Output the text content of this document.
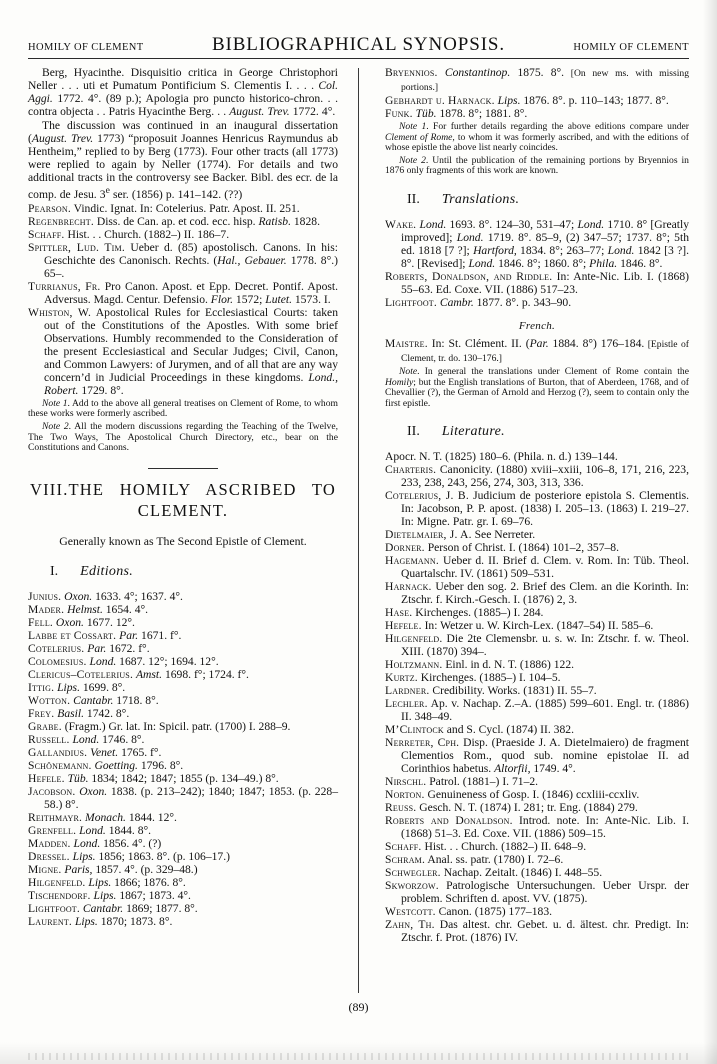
HOMILY OF CLEMENT	BIBLIOGRAPHICAL SYNOPSIS.	HOMILY OF CLEMENT

Berg, Hyacinthe. Disquisitio critica in George Christophori Neller . . . uti et Pumatum Pontificium S. Clementis I. . . . Col. Aggi. 1772. 4°. (89 p.); Apologia pro puncto historico-chron. . . contra objecta . . Patris Hyacinthe Berg. . . August. Trev. 1772. 4°.

The discussion was continued in an inaugural dissertation (August. Trev. 1773) “proposuit Joannes Henricus Raymundus ab Hentheim,” replied to by Berg (1773). Four other tracts (all 1773) were replied to again by Neller (1774). For details and two additional tracts in the controversy see Backer. Bibl. des ecr. de la comp. de Jesu. 3e ser. (1856) p. 141–142. (??)

Pearson. Vindic. Ignat. In: Cotelerius. Patr. Apost. II. 251.

Regenbrecht. Diss. de Can. ap. et cod. ecc. hisp. Ratisb. 1828.

Schaff. Hist. . . Church. (1882–) II. 186–7.

Spittler, Lud. Tim. Ueber d. (85) apostolisch. Canons. In his: Geschichte des Canonisch. Rechts. (Hal., Gebauer. 1778. 8°.) 65–.

Turrianus, Fr. Pro Canon. Apost. et Epp. Decret. Pontif. Apost. Adversus. Magd. Centur. Defensio. Flor. 1572; Lutet. 1573. I.

Whiston, W. Apostolical Rules for Ecclesiastical Courts: taken out of the Constitutions of the Apostles. With some brief Observations. Humbly recommended to the Consideration of the present Ecclesiastical and Secular Judges; Civil, Canon, and Common Lawyers: of Jurymen, and of all that are any way concern’d in Judicial Proceedings in these kingdoms. Lond., Robert. 1729. 8°.

Note 1. Add to the above all general treatises on Clement of Rome, to whom these works were formerly ascribed.

Note 2. All the modern discussions regarding the Teaching of the Twelve, The Two Ways, The Apostolical Church Directory, etc., bear on the Constitutions and Canons.

VIII. THE HOMILY ASCRIBED TO
CLEMENT.

Generally known as The Second Epistle of Clement.

I. Editions.

Junius. Oxon. 1633. 4°; 1637. 4°.

Mader. Helmst. 1654. 4°.

Fell. Oxon. 1677. 12°.

Labbe et Cossart. Par. 1671. f°.

Cotelerius. Par. 1672. f°.

Colomesius. Lond. 1687. 12°; 1694. 12°.

Clericus–Cotelerius. Amst. 1698. f°; 1724. f°.

Ittig. Lips. 1699. 8°.

Wotton. Cantabr. 1718. 8°.

Frey. Basil. 1742. 8°.

Grabe. (Fragm.) Gr. lat. In: Spicil. patr. (1700) I. 288–9.

Russell. Lond. 1746. 8°.

Gallandius. Venet. 1765. f°.

Schönemann. Goetting. 1796. 8°.

Hefele. Tüb. 1834; 1842; 1847; 1855 (p. 134–49.) 8°.

Jacobson. Oxon. 1838. (p. 213–242); 1840; 1847; 1853. (p. 228–58.) 8°.

Reithmayr. Monach. 1844. 12°.

Grenfell. Lond. 1844. 8°.

Madden. Lond. 1856. 4°. (?)

Dressel. Lips. 1856; 1863. 8°. (p. 106–17.)

Migne. Paris, 1857. 4°. (p. 329–48.)

Hilgenfeld. Lips. 1866; 1876. 8°.

Tischendorf. Lips. 1867; 1873. 4°.

Lightfoot. Cantabr. 1869; 1877. 8°.

Laurent. Lips. 1870; 1873. 8°.

Bryennios. Constantinop. 1875. 8°. [On new ms. with missing portions.]

Gebhardt u. Harnack. Lips. 1876. 8°. p. 110–143; 1877. 8°.

Funk. Tüb. 1878. 8°; 1881. 8°.

Note 1. For further details regarding the above editions compare under Clement of Rome, to whom it was formerly ascribed, and with the editions of whose epistle the above list nearly coincides.

Note 2. Until the publication of the remaining portions by Bryennios in 1876 only fragments of this work are known.

II. Translations.

Wake. Lond. 1693. 8°. 124–30, 531–47; Lond. 1710. 8° [Greatly improved]; Lond. 1719. 8°. 85–9, (2) 347–57; 1737. 8°; 5th ed. 1818 [7 ?]; Hartford, 1834. 8°; 263–77; Lond. 1842 [3 ?]. 8°. [Revised]; Lond. 1846. 8°; 1860. 8°; Phila. 1846. 8°.

Roberts, Donaldson, and Riddle. In: Ante-Nic. Lib. I. (1868) 55–63. Ed. Coxe. VII. (1886) 517–23.

Lightfoot. Cambr. 1877. 8°. p. 343–90.

French.

Maistre. In: St. Clément. II. (Par. 1884. 8°) 176–184. [Epistle of Clement, tr. do. 130–176.]

Note. In general the translations under Clement of Rome contain the Homily; but the English translations of Burton, that of Aberdeen, 1768, and of Chevallier (?), the German of Arnold and Herzog (?), seem to contain only the first epistle.

II. Literature.

Apocr. N. T. (1825) 180–6. (Phila. n. d.) 139–144.

Charteris. Canonicity. (1880) xviii–xxiii, 106–8, 171, 216, 223, 233, 238, 243, 256, 274, 303, 313, 336.

Cotelerius, J. B. Judicium de posteriore epistola S. Clementis. In: Jacobson, P. P. apost. (1838) I. 205–13. (1863) I. 219–27. In: Migne. Patr. gr. I. 69–76.

Dietelmaier, J. A. See Nerreter.

Dorner. Person of Christ. I. (1864) 101–2, 357–8.

Hagemann. Ueber d. II. Brief d. Clem. v. Rom. In: Tüb. Theol. Quartalschr. IV. (1861) 509–531.

Harnack. Ueber den sog. 2. Brief des Clem. an die Korinth. In: Ztschr. f. Kirch.-Gesch. I. (1876) 2, 3.

Hase. Kirchenges. (1885–) I. 284.

Hefele. In: Wetzer u. W. Kirch-Lex. (1847–54) II. 585–6.

Hilgenfeld. Die 2te Clemensbr. u. s. w. In: Ztschr. f. w. Theol. XIII. (1870) 394–.

Holtzmann. Einl. in d. N. T. (1886) 122.

Kurtz. Kirchenges. (1885–) I. 104–5.

Lardner. Credibility. Works. (1831) II. 55–7.

Lechler. Ap. v. Nachap. Z.–A. (1885) 599–601. Engl. tr. (1886) II. 348–49.

M’Clintock and S. Cycl. (1874) II. 382.

Nerreter, Cph. Disp. (Praeside J. A. Dietelmaiero) de fragment Clementios Rom., quod sub. nomine epistolae II. ad Corinthios habetus. Altorfii, 1749. 4°.

Nirschl. Patrol. (1881–) I. 71–2.

Norton. Genuineness of Gosp. I. (1846) ccxliii-ccxliv.

Reuss. Gesch. N. T. (1874) I. 281; tr. Eng. (1884) 279.

Roberts and Donaldson. Introd. note. In: Ante-Nic. Lib. I. (1868) 51–3. Ed. Coxe. VII. (1886) 509–15.

Schaff. Hist. . . Church. (1882–) II. 648–9.

Schram. Anal. ss. patr. (1780) I. 72–6.

Schwegler. Nachap. Zeitalt. (1846) I. 448–55.

Skworzow. Patrologische Untersuchungen. Ueber Urspr. der problem. Schriften d. apost. VV. (1875).

Westcott. Canon. (1875) 177–183.

Zahn, Th. Das altest. chr. Gebet. u. d. ältest. chr. Predigt. In: Ztschr. f. Prot. (1876) IV.

(89)
